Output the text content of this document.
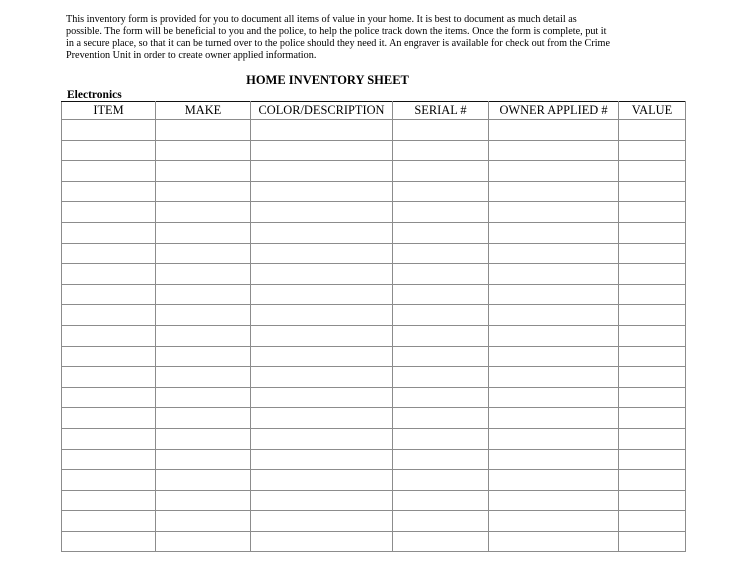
This inventory form is provided for you to document all items of value in your home. It is best to document as much detail as
possible. The form will be beneficial to you and the police, to help the police track down the items. Once the form is complete, put it
in a secure place, so that it can be turned over to the police should they need it. An engraver is available for check out from the Crime
Prevention Unit in order to create owner applied information.
HOME INVENTORY SHEET
Electronics
ITEM	MAKE	COLOR/DESCRIPTION	SERIAL #	OWNER APPLIED #	VALUE
